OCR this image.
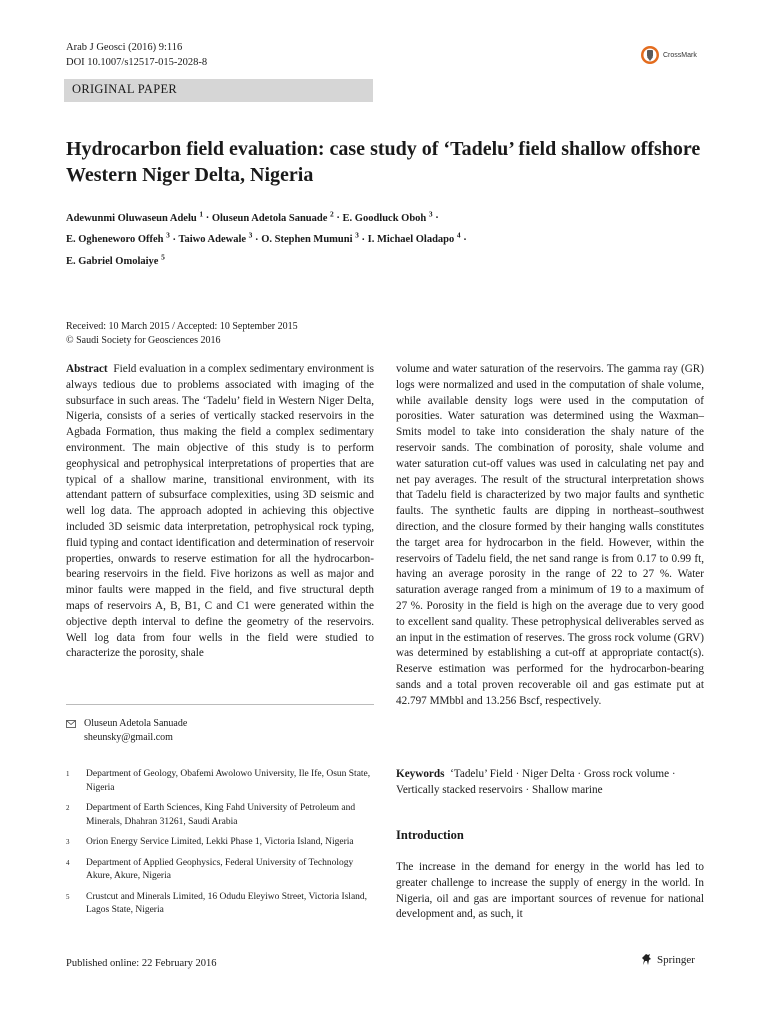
Arab J Geosci (2016) 9:116
DOI 10.1007/s12517-015-2028-8
CrossMark
ORIGINAL PAPER
Hydrocarbon field evaluation: case study of ‘Tadelu’ field shallow offshore Western Niger Delta, Nigeria
Adewunmi Oluwaseun Adelu $^1$ · Oluseun Adetola Sanuade $^2$ · E. Goodluck Oboh $^3$ ·
E. Ogheneworo Offeh $^3$ · Taiwo Adewale $^3$ · O. Stephen Mumuni $^3$ · I. Michael Oladapo $^4$ ·
E. Gabriel Omolaiye $^5$
Received: 10 March 2015 / Accepted: 10 September 2015
© Saudi Society for Geosciences 2016

Abstract Field evaluation in a complex sedimentary environment is always tedious due to problems associated with imaging of the subsurface in such areas. The ‘Tadelu’ field in Western Niger Delta, Nigeria, consists of a series of vertically stacked reservoirs in the Agbada Formation, thus making the field a complex sedimentary environment. The main objective of this study is to perform geophysical and petrophysical interpretations of properties that are typical of a shallow marine, transitional environment, with its attendant pattern of subsurface complexities, using 3D seismic and well log data. The approach adopted in achieving this objective included 3D seismic data interpretation, petrophysical rock typing, fluid typing and contact identification and determination of reservoir properties, onwards to reserve estimation for all the hydrocarbon-bearing reservoirs in the field. Five horizons as well as major and minor faults were mapped in the field, and five structural depth maps of reservoirs A, B, B1, C and C1 were generated within the objective depth interval to define the geometry of the reservoirs. Well log data from four wells in the field were studied to characterize the porosity, shale

Oluseun Adetola Sanuade
sheunsky@gmail.com
1	Department of Geology, Obafemi Awolowo University, Ile Ife, Osun State, Nigeria
2	Department of Earth Sciences, King Fahd University of Petroleum and Minerals, Dhahran 31261, Saudi Arabia
3	Orion Energy Service Limited, Lekki Phase 1, Victoria Island, Nigeria
4	Department of Applied Geophysics, Federal University of Technology Akure, Akure, Nigeria
5	Crustcut and Minerals Limited, 16 Odudu Eleyiwo Street, Victoria Island, Lagos State, Nigeria

volume and water saturation of the reservoirs. The gamma ray (GR) logs were normalized and used in the computation of shale volume, while available density logs were used in the computation of porosities. Water saturation was determined using the Waxman–Smits model to take into consideration the shaly nature of the reservoir sands. The combination of porosity, shale volume and water saturation cut-off values was used in calculating net pay and net pay averages. The result of the structural interpretation shows that Tadelu field is characterized by two major faults and synthetic faults. The synthetic faults are dipping in northeast–southwest direction, and the closure formed by their hanging walls constitutes the target area for hydrocarbon in the field. However, within the reservoirs of Tadelu field, the net sand range is from 0.17 to 0.99 ft, having an average porosity in the range of 22 to 27 %. Water saturation average ranged from a minimum of 19 to a maximum of 27 %. Porosity in the field is high on the average due to very good to excellent sand quality. These petrophysical deliverables served as an input in the estimation of reserves. The gross rock volume (GRV) was determined by establishing a cut-off at appropriate contact(s). Reserve estimation was performed for the hydrocarbon-bearing sands and a total proven recoverable oil and gas estimate put at 42.797 MMbbl and 13.256 Bscf, respectively.

Keywords ‘Tadelu’ Field · Niger Delta · Gross rock volume · Vertically stacked reservoirs · Shallow marine
Introduction
The increase in the demand for energy in the world has led to greater challenge to increase the supply of energy in the world. In Nigeria, oil and gas are important sources of revenue for national development and, as such, it
Published online: 22 February 2016	Springer
